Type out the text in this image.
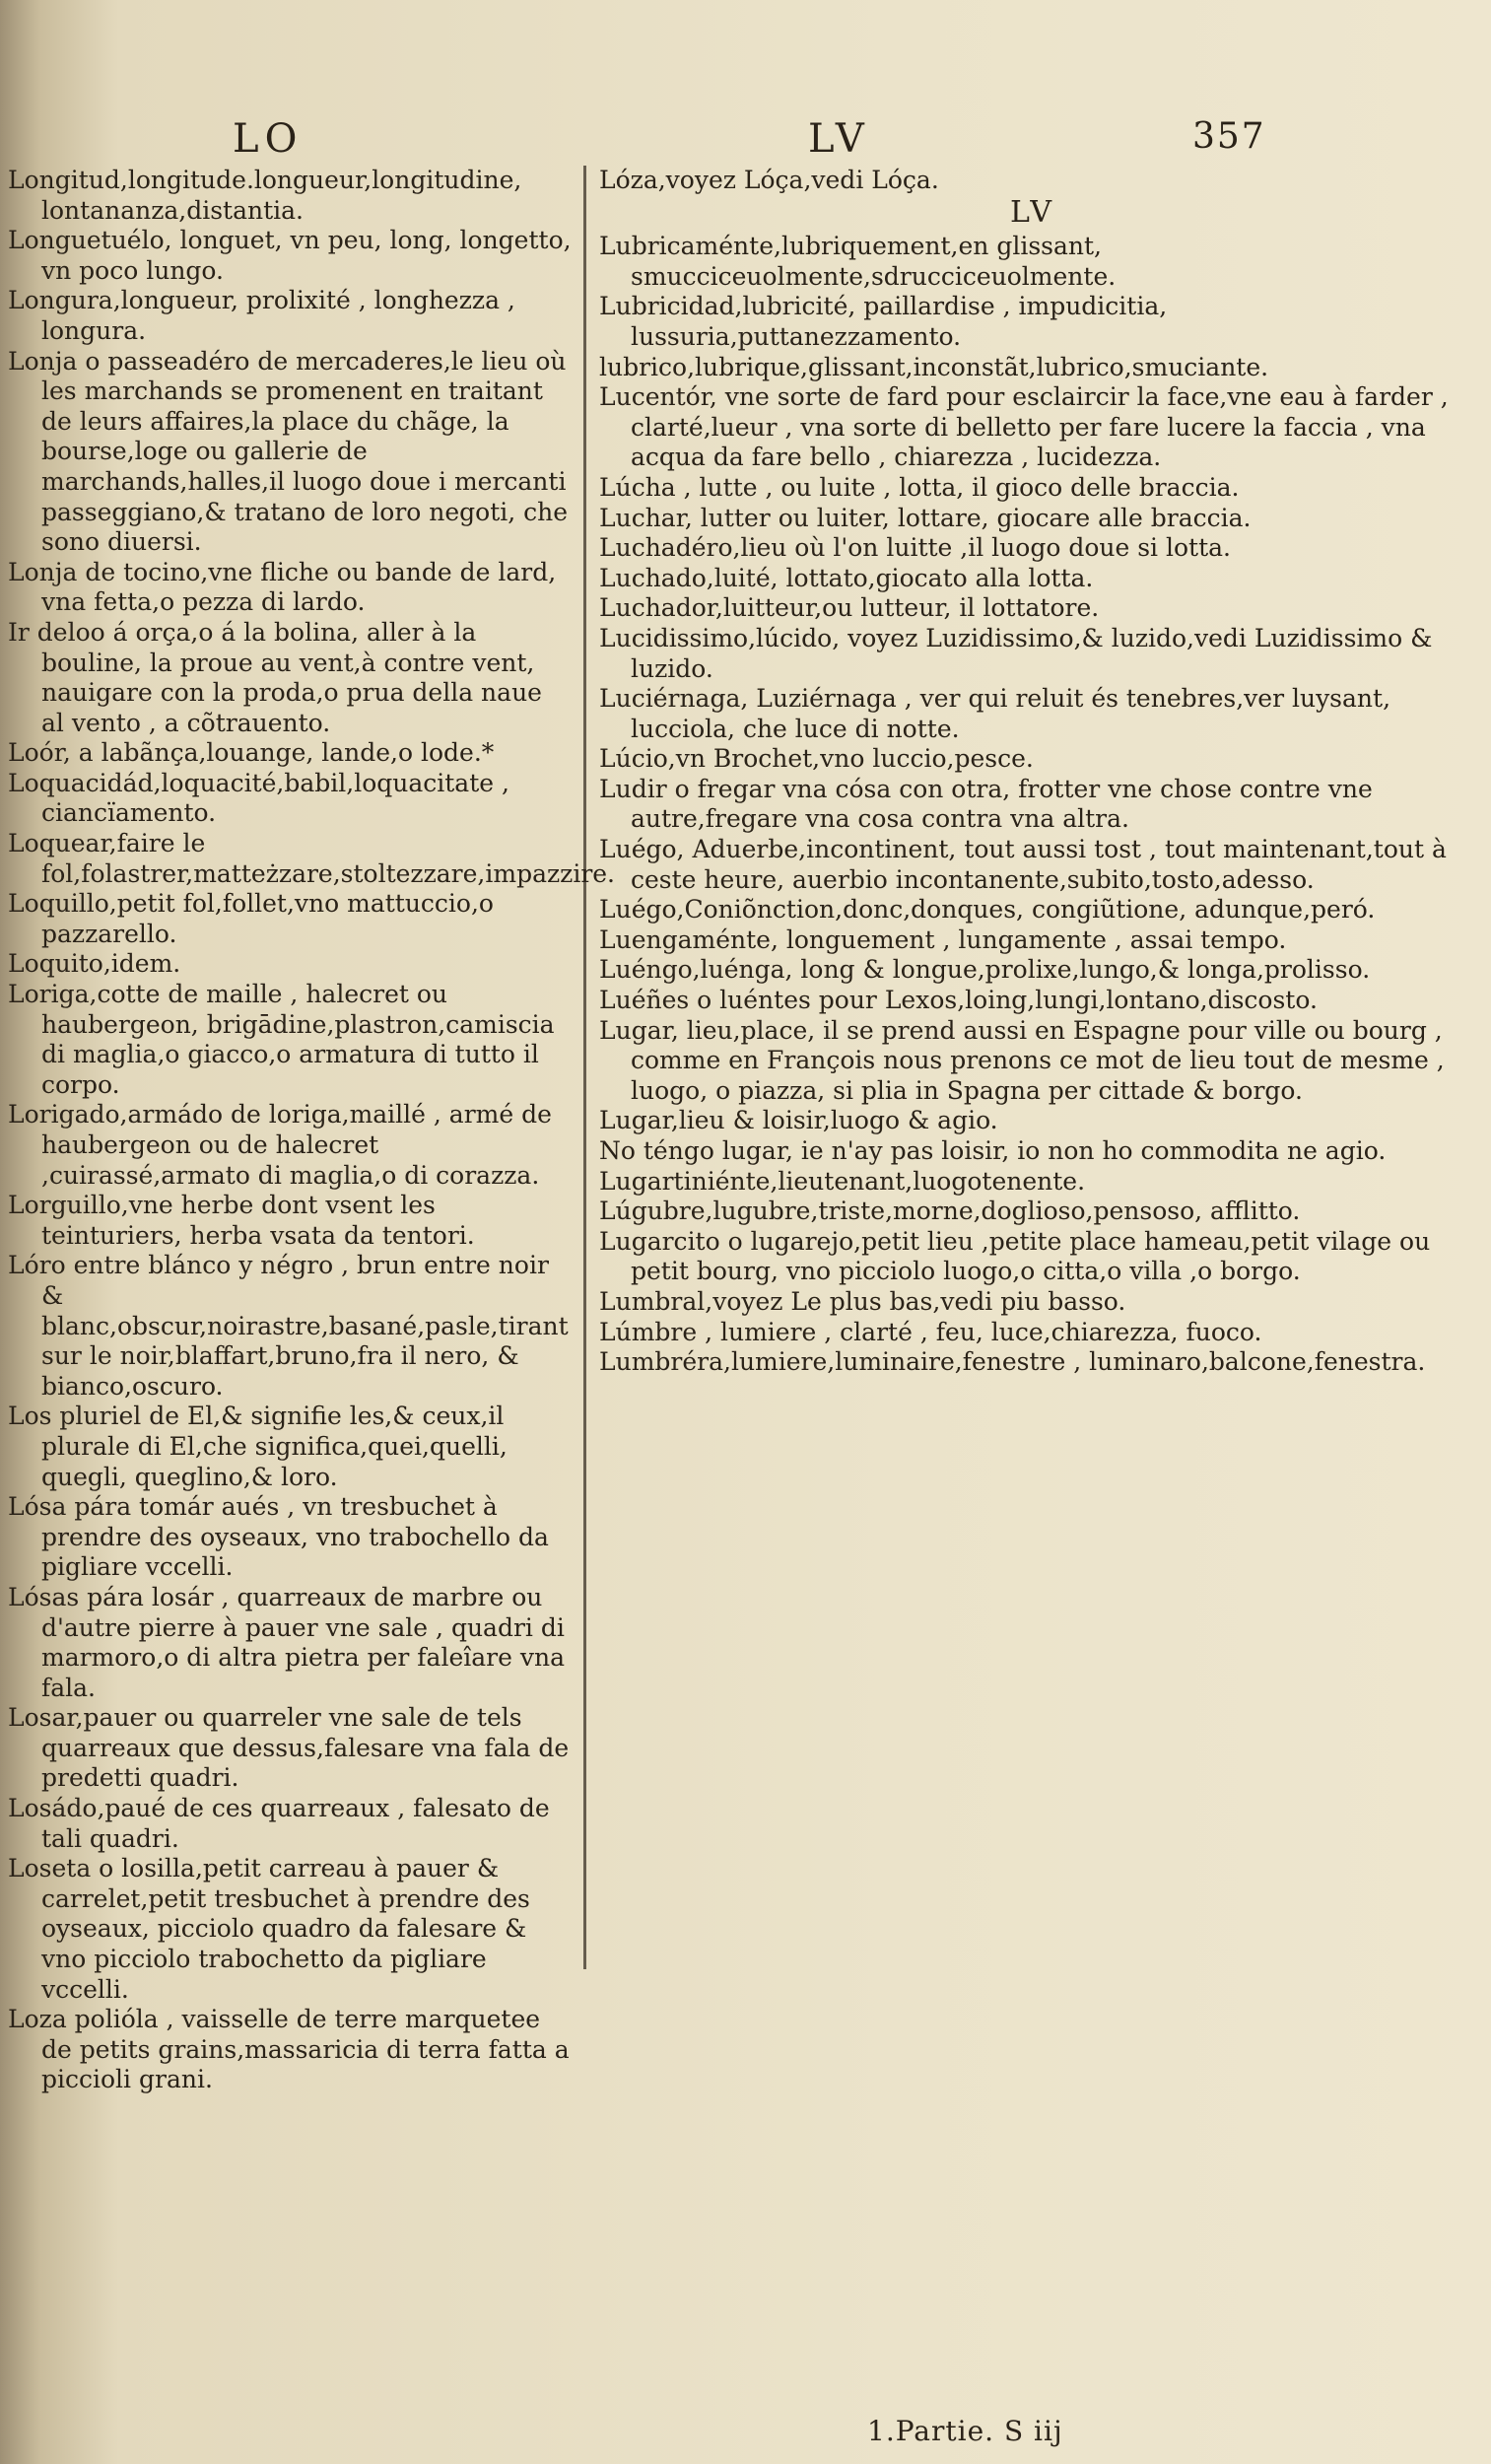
LO	LV	357

Longitud,longitude.longueur,longitudine, lontananza,distantia.

Longuetuélo, longuet, vn peu, long, longetto, vn poco lungo.

Longura,longueur, prolixité , longhezza , longura.

Lonja o passeadéro de mercaderes,le lieu où les marchands se promenent en traitant de leurs affaires,la place du chãge, la bourse,loge ou gallerie de marchands,halles,il luogo doue i mercanti passeggiano,& tratano de loro negoti, che sono diuersi.

Lonja de tocino,vne fliche ou bande de lard, vna fetta,o pezza di lardo.

Ir deloo á orça,o á la bolina, aller à la bouline, la proue au vent,à contre vent, nauigare con la proda,o prua della naue al vento , a cõtrauento.

Loór, a labãnça,louange, lande,o lode.*

Loquacidád,loquacité,babil,loquacitate , ciancïamento.

Loquear,faire le fol,folastrer,matteżzare,stoltezzare,impazzire.

Loquillo,petit fol,follet,vno mattuccio,o pazzarello.

Loquito,idem.

Loriga,cotte de maille , halecret ou haubergeon, brigādine,plastron,camiscia di maglia,o giacco,o armatura di tutto il corpo.

Lorigado,armádo de loriga,maillé , armé de haubergeon ou de halecret ,cuirassé,armato di maglia,o di corazza.

Lorguillo,vne herbe dont vsent les teinturiers, herba vsata da tentori.

Lóro entre blánco y négro , brun entre noir & blanc,obscur,noirastre,basané,pasle,tirant sur le noir,blaffart,bruno,fra il nero, & bianco,oscuro.

Los pluriel de El,& signifie les,& ceux,il plurale di El,che significa,quei,quelli, quegli, queglino,& loro.

Lósa pára tomár aués , vn tresbuchet à prendre des oyseaux, vno trabochello da pigliare vccelli.

Lósas pára losár , quarreaux de marbre ou d'autre pierre à pauer vne sale , quadri di marmoro,o di altra pietra per faleîare vna fala.

Losar,pauer ou quarreler vne sale de tels quarreaux que dessus,falesare vna fala de predetti quadri.

Losádo,paué de ces quarreaux , falesato de tali quadri.

Loseta o losilla,petit carreau à pauer & carrelet,petit tresbuchet à prendre des oyseaux, picciolo quadro da falesare & vno picciolo trabochetto da pigliare vccelli.

Loza polióla , vaisselle de terre marquetee de petits grains,massaricia di terra fatta a piccioli grani.

Lóza,voyez Lóça,vedi Lóça.

LV

Lubricaménte,lubriquement,en glissant, smucciceuolmente,sdrucciceuolmente.

Lubricidad,lubricité, paillardise , impudicitia, lussuria,puttanezzamento.

lubrico,lubrique,glissant,inconstãt,lubrico,smuciante.

Lucentór, vne sorte de fard pour esclaircir la face,vne eau à farder , clarté,lueur , vna sorte di belletto per fare lucere la faccia , vna acqua da fare bello , chiarezza , lucidezza.

Lúcha , lutte , ou luite , lotta, il gioco delle braccia.

Luchar, lutter ou luiter, lottare, giocare alle braccia.

Luchadéro,lieu où l'on luitte ,il luogo doue si lotta.

Luchado,luité, lottato,giocato alla lotta.

Luchador,luitteur,ou lutteur, il lottatore.

Lucidissimo,lúcido, voyez Luzidissimo,& luzido,vedi Luzidissimo & luzido.

Luciérnaga, Luziérnaga , ver qui reluit és tenebres,ver luysant, lucciola, che luce di notte.

Lúcio,vn Brochet,vno luccio,pesce.

Ludir o fregar vna cósa con otra, frotter vne chose contre vne autre,fregare vna cosa contra vna altra.

Luégo, Aduerbe,incontinent, tout aussi tost , tout maintenant,tout à ceste heure, auerbio incontanente,subito,tosto,adesso.

Luégo,Coniõnction,donc,donques, congiũtione, adunque,peró.

Luengaménte, longuement , lungamente , assai tempo.

Luéngo,luénga, long & longue,prolixe,lungo,& longa,prolisso.

Luéñes o luéntes pour Lexos,loing,lungi,lontano,discosto.

Lugar, lieu,place, il se prend aussi en Espagne pour ville ou bourg , comme en François nous prenons ce mot de lieu tout de mesme , luogo, o piazza, si plia in Spagna per cittade & borgo.

Lugar,lieu & loisir,luogo & agio.

No téngo lugar, ie n'ay pas loisir, io non ho commodita ne agio.

Lugartiniénte,lieutenant,luogotenente.

Lúgubre,lugubre,triste,morne,doglioso,pensoso, afflitto.

Lugarcito o lugarejo,petit lieu ,petite place hameau,petit vilage ou petit bourg, vno picciolo luogo,o citta,o villa ,o borgo.

Lumbral,voyez Le plus bas,vedi piu basso.

Lúmbre , lumiere , clarté , feu, luce,chiarezza, fuoco.

Lumbréra,lumiere,luminaire,fenestre , luminaro,balcone,fenestra.

1.Partie. S iij
